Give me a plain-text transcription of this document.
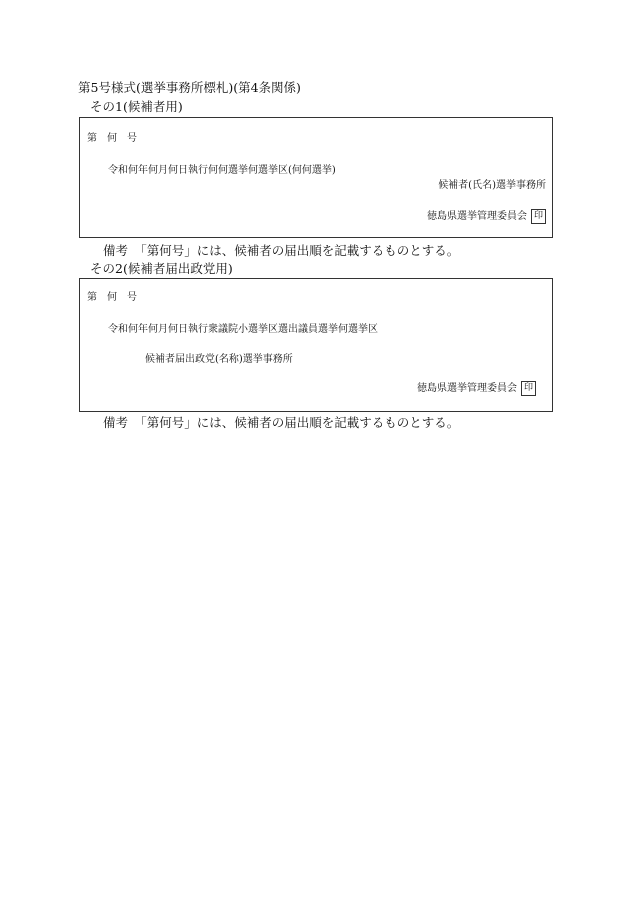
第5号様式(選挙事務所標札)(第4条関係)
その1(候補者用)
第　何　号
令和何年何月何日執行何何選挙何選挙区(何何選挙)
候補者(氏名)選挙事務所
徳島県選挙管理委員会 印
備考　「第何号」には、候補者の届出順を記載するものとする。
その2(候補者届出政党用)
第　何　号
令和何年何月何日執行衆議院小選挙区選出議員選挙何選挙区
候補者届出政党(名称)選挙事務所
徳島県選挙管理委員会 印
備考　「第何号」には、候補者の届出順を記載するものとする。
